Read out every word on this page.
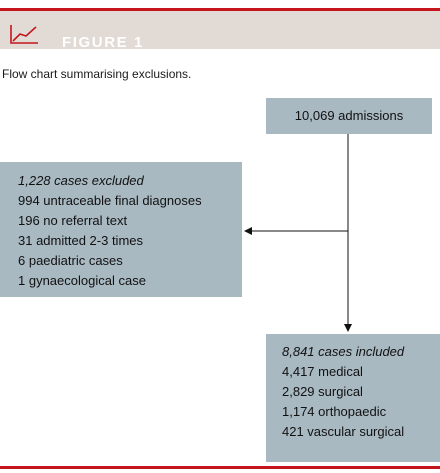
FIGURE 1
Flow chart summarising exclusions.
10,069 admissions
1,228 cases excluded
994 untraceable final diagnoses
196 no referral text
31 admitted 2-3 times
6 paediatric cases
1 gynaecological case
8,841 cases included
4,417 medical
2,829 surgical
1,174 orthopaedic
421 vascular surgical
